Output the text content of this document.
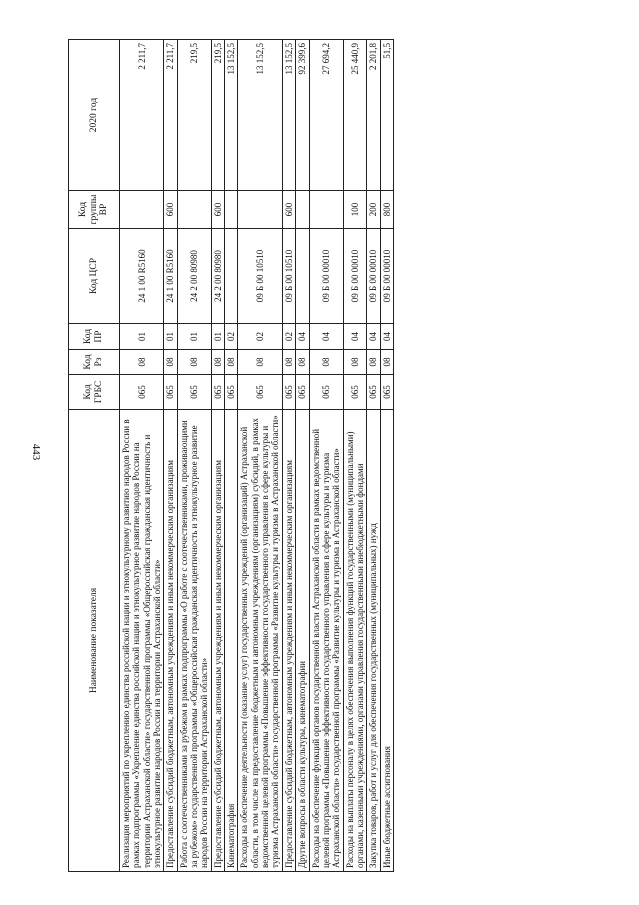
443
Наименование показателя	Код ГРБС	Код Рз	Код ПР	Код ЦСР	Код группы ВР	2020 год
Реализация мероприятий по укреплению единства российской нации и этнокультурному развитию народов России в рамках подпрограммы «Укрепление единства российской нации и этнокультурное развитие народов России на территории Астраханской области» государственной программы «Общероссийская гражданская идентичность и этнокультурное развитие народов России на территории Астраханской области»	065	08	01	24 1 00 R5160		2 211,7
Предоставление субсидий бюджетным, автономным учреждениям и иным некоммерческим организациям	065	08	01	24 1 00 R5160	600	2 211,7
Работа с соотечественниками за рубежом в рамках подпрограммы «О работе с соотечественниками, проживающими за рубежом» государственной программы «Общероссийская гражданская идентичность и этнокультурное развитие народов России на территории Астраханской области»	065	08	01	24 2 00 80980		219,5
Предоставление субсидий бюджетным, автономным учреждениям и иным некоммерческим организациям	065	08	01	24 2 00 80980	600	219,5
Кинематография	065	08	02			13 152,5
Расходы на обеспечение деятельности (оказание услуг) государственных учреждений (организаций) Астраханской области, в том числе на предоставление бюджетным и автономным учреждениям (организациям) субсидий, в рамках ведомственной целевой программы «Повышение эффективности государственного управления в сфере культуры и туризма Астраханской области» государственной программы «Развитие культуры и туризма в Астраханской области»	065	08	02	09 Б 00 10510		13 152,5
Предоставление субсидий бюджетным, автономным учреждениям и иным некоммерческим организациям	065	08	02	09 Б 00 10510	600	13 152,5
Другие вопросы в области культуры, кинематографии	065	08	04			92 399,6
Расходы на обеспечение функций органов государственной власти Астраханской области в рамках ведомственной целевой программы «Повышение эффективности государственного управления в сфере культуры и туризма Астраханской области» государственной программы «Развитие культуры и туризма в Астраханской области»	065	08	04	09 Б 00 00010		27 694,2
Расходы на выплаты персоналу в целях обеспечения выполнения функций государственными (муниципальными) органами, казенными учреждениями, органами управления государственными внебюджетными фондами	065	08	04	09 Б 00 00010	100	25 440,9
Закупка товаров, работ и услуг для обеспечения государственных (муниципальных) нужд	065	08	04	09 Б 00 00010	200	2 201,8
Иные бюджетные ассигнования	065	08	04	09 Б 00 00010	800	51,5
